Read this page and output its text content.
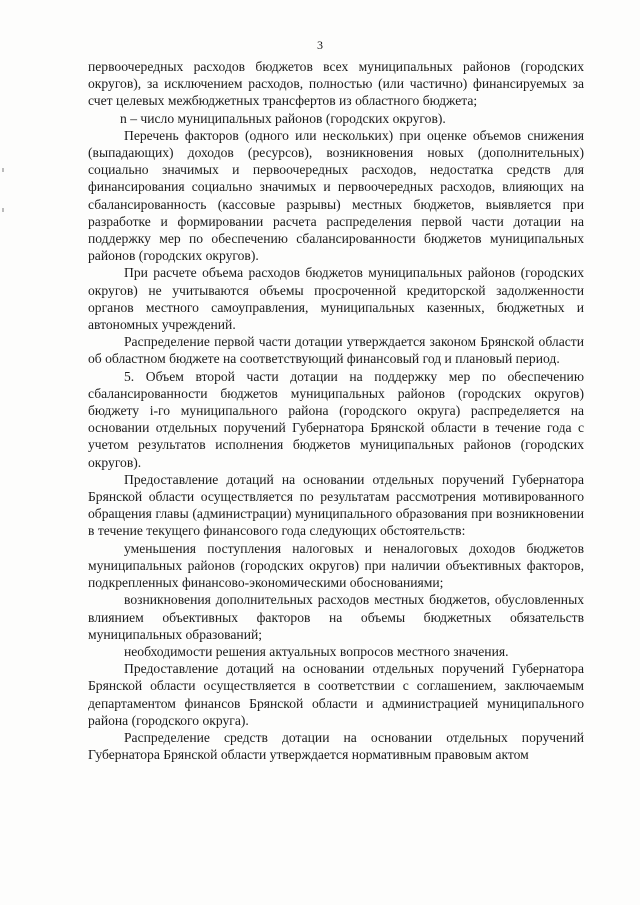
3

первоочередных расходов бюджетов всех муниципальных районов (городских округов), за исключением расходов, полностью (или частично) финансируемых за счет целевых межбюджетных трансфертов из областного бюджета;

n – число муниципальных районов (городских округов).

Перечень факторов (одного или нескольких) при оценке объемов снижения (выпадающих) доходов (ресурсов), возникновения новых (дополнительных) социально значимых и первоочередных расходов, недостатка средств для финансирования социально значимых и первоочередных расходов, влияющих на сбалансированность (кассовые разрывы) местных бюджетов, выявляется при разработке и формировании расчета распределения первой части дотации на поддержку мер по обеспечению сбалансированности бюджетов муниципальных районов (городских округов).

При расчете объема расходов бюджетов муниципальных районов (городских округов) не учитываются объемы просроченной кредиторской задолженности органов местного самоуправления, муниципальных казенных, бюджетных и автономных учреждений.

Распределение первой части дотации утверждается законом Брянской области об областном бюджете на соответствующий финансовый год и плановый период.

5. Объем второй части дотации на поддержку мер по обеспечению сбалансированности бюджетов муниципальных районов (городских округов) бюджету i-го муниципального района (городского округа) распределяется на основании отдельных поручений Губернатора Брянской области в течение года с учетом результатов исполнения бюджетов муниципальных районов (городских округов).

Предоставление дотаций на основании отдельных поручений Губернатора Брянской области осуществляется по результатам рассмотрения мотивированного обращения главы (администрации) муниципального образования при возникновении в течение текущего финансового года следующих обстоятельств:

уменьшения поступления налоговых и неналоговых доходов бюджетов муниципальных районов (городских округов) при наличии объективных факторов, подкрепленных финансово-экономическими обоснованиями;

возникновения дополнительных расходов местных бюджетов, обусловленных влиянием объективных факторов на объемы бюджетных обязательств муниципальных образований;

необходимости решения актуальных вопросов местного значения.

Предоставление дотаций на основании отдельных поручений Губернатора Брянской области осуществляется в соответствии с соглашением, заключаемым департаментом финансов Брянской области и администрацией муниципального района (городского округа).

Распределение средств дотации на основании отдельных поручений Губернатора Брянской области утверждается нормативным правовым актом
